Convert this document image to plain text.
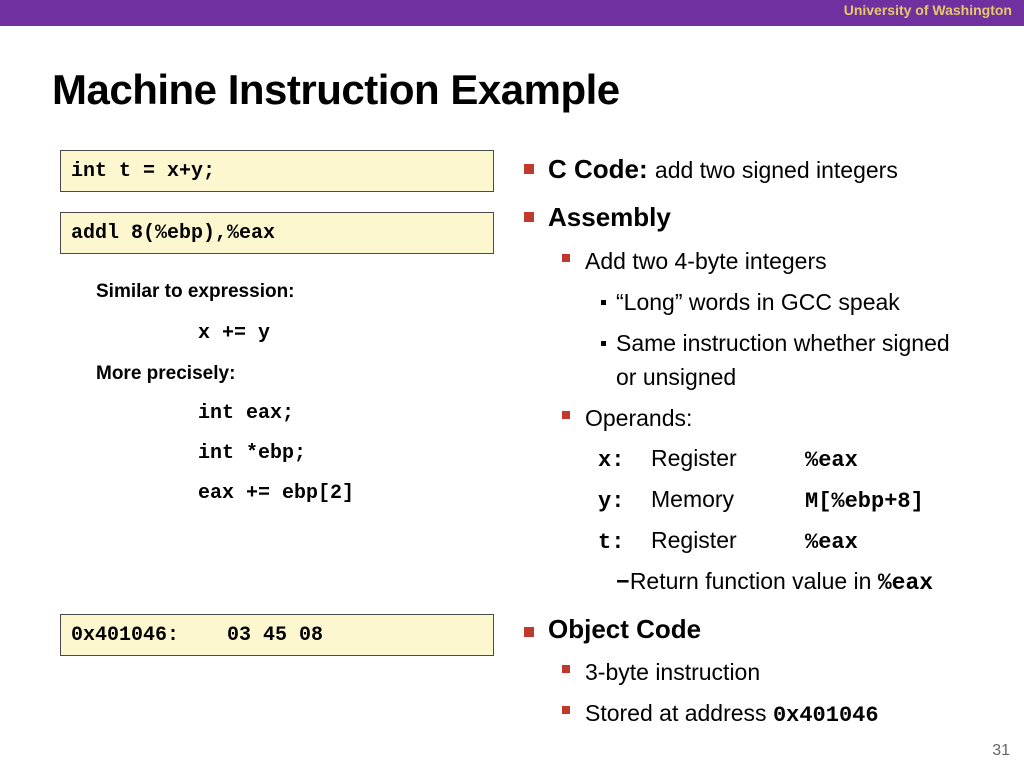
University of Washington
Machine Instruction Example
int t = x+y;
addl 8(%ebp),%eax
Similar to expression:
x += y
More precisely:
int eax;
int *ebp;
eax += ebp[2]
0x401046:    03 45 08
C Code: add two signed integers
Assembly
Add two 4-byte integers
“Long” words in GCC speak
Same instruction whether signed
or unsigned
Operands:
x: Register	%eax
y: Memory	M[%ebp+8]
t: Register	%eax
−Return function value in %eax
Object Code
3-byte instruction
Stored at address 0x401046
31
